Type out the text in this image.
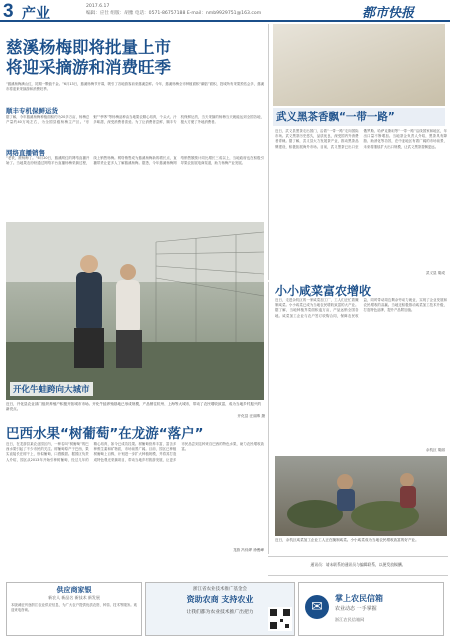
3 产业	2017.6.17
编辑：应仕 组版：胡雅 电话：0571-86757188 E-mail：nmb9929751@163.com	都市快报
慈溪杨梅即将批量上市
将迎采摘游和消费旺季
“慈溪杨梅满山红，初期一颗值千金。”6月13日，慈溪杨梅节开幕，吸引了各地游客前来慈溪尝鲜。今年，慈溪杨梅全市种植面积“翻倍”面积，投城所有采果预估会多，慈溪市将迎来采摘游和消费旺季。
顺丰专机保鲜运货
据了解，今年慈溪杨梅种植面积约为20多万亩，杨梅总产量约40万吨左右，为全国县级杨梅主产区。“东魁”“荸荠”等杨梅品种由当地果农精心培育，个头大、汁多味甜，深受消费者喜爱。为了让消费者尝鲜，顺丰专机保鲜运货，当天采摘的杨梅当天就能运到全国各地，极大方便了外地消费者。
网络直播销售
“老铁，撩杨梅了。”6月20日，慈溪网红的网络直播开始了。当地果农纷纷通过网络平台直播杨梅采摘过程，线上销售杨梅。网络销售成为慈溪杨梅新的增长点，直播带货让更多人了解慈溪杨梅。据悉，今年慈溪杨梅网络销售额预计同比增长三成以上，当地政府也在积极引导果农拓展电商渠道，助力杨梅产业发展。
开化牛蛙跨向大城市
近日，开化县农业部门组织养殖户积极开拓城市市场。开化牛蛙养殖基地已形成规模，产品销往杭州、上海等大城市，带动了农民增收致富，成为当地乡村振兴的新亮点。
开化县 汪丽珠 摄
武义黑茶香飘“一带一路”
近日，武义县黑茶走出国门，沿着“一带一路”走向国际市场。武义黑茶历史悠久，品质优良，深受国内外消费者青睐。据了解，武义县大力发展茶产业，推动黑茶品牌建设，积极拓展海外市场。目前，武义黑茶已出口至俄罗斯、哈萨克斯坦等“一带一路”沿线国家和地区，年出口量不断增加。当地茶企负责人介绍，黑茶具有降脂、助消化等功效，在中亚地区有着广阔的市场前景，未来将继续扩大出口规模，让武义黑茶香飘更远。
武义县 胡成
小小咸菜富农增收
近日，走进余杭区的一家咸菜加工厂，工人们正忙着腌制咸菜。小小咸菜已成为当地农民增收致富的大产业。据了解，当地种植芥菜面积逾万亩，产品远销全国各地。咸菜加工企业与农户签订收购合同，保障农民收益，同时带动周边剩余劳动力就业，实现了企业发展和农民增收的双赢。当地还积极推动咸菜加工技术升级，打造特色品牌，提升产品附加值。
余杭区 胡丽
近日，余杭区咸菜加工企业工人正在腌制咸菜。小小咸菜成为当地农民增收致富的好产业。
巴西水果“树葡萄”在龙游“落户”
近日，在龙游县某农业园区内，一种名叫“树葡萄”的巴西水果引起了不少市民的关注。树葡萄原产于巴西，果实直接长在树干上，形似葡萄，口感酸甜。据园区负责人介绍，园区从2013年开始引种树葡萄，经过几年的精心培育，如今已成功挂果。树葡萄营养丰富，富含多种维生素和矿物质，市场前景广阔。目前，园区已种植树葡萄上百株，计划进一步扩大种植规模，并将其打造成特色观光采摘项目，带动当地乡村旅游发展，让更多市民品尝到这种来自巴西的特色水果，助力农民增收致富。
龙游 冯伟烨 徐俊峰
通讯员：请未联系的通讯员与编辑联系，以便发放稿酬。
供应商家银
新农人 新品名 新技术 新发展
本版诚征刊登浙江农业供应信息，为广大农户提供优质农资、种苗、技术等服务。欢迎来电咨询。
浙江省农业技术推广基金会
资助农商 支持农业
让我们都为农业技术推广出把力
掌上农民信箱
农业动态 一手掌握
浙江农民信箱网
✉
